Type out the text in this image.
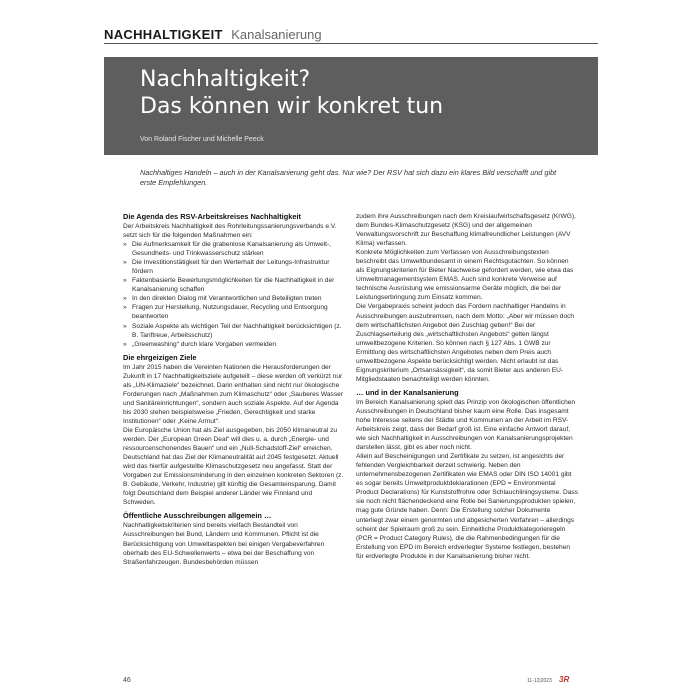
NACHHALTIGKEIT Kanalsanierung
Nachhaltigkeit?
Das können wir konkret tun
Von Roland Fischer und Michelle Peeck
Nachhaltiges Handeln – auch in der Kanalsanierung geht das. Nur wie? Der RSV hat sich dazu ein klares Bild verschafft und gibt erste Empfehlungen.
Die Agenda des RSV-Arbeitskreises Nachhaltigkeit

Der Arbeitskreis Nachhaltigkeit des Rohrleitungssanierungsverbands e.V. setzt sich für die folgenden Maßnahmen ein:

» Die Aufmerksamkeit für die grabenlose Kanalsanierung als Umwelt-, Gesundheits- und Trinkwasserschutz stärken
» Die Investitionstätigkeit für den Werterhalt der Leitungs-Infrastruktur fördern
» Faktenbasierte Bewertungsmöglichkeiten für die Nachhaltigkeit in der Kanalsanierung schaffen
» In den direkten Dialog mit Verantwortlichen und Beteiligten treten
» Fragen zur Herstellung, Nutzungsdauer, Recycling und Entsorgung beantworten
» Soziale Aspekte als wichtigen Teil der Nachhaltigkeit berücksichtigen (z. B. Tariftreue, Arbeitsschutz)
» „Greenwashing“ durch klare Vorgaben vermeiden
Die ehrgeizigen Ziele

Im Jahr 2015 haben die Vereinten Nationen die Herausforderungen der Zukunft in 17 Nachhaltigkeitsziele aufgeteilt – diese werden oft verkürzt nur als „UN-Klimaziele“ bezeichnet. Darin enthalten sind nicht nur ökologische Forderungen nach „Maßnahmen zum Klimaschutz“ oder „Sauberes Wasser und Sanitäreinrichtungen“, sondern auch soziale Aspekte. Auf der Agenda bis 2030 stehen beispielsweise „Frieden, Gerechtigkeit und starke Institutionen“ oder „Keine Armut“.

Die Europäische Union hat als Ziel ausgegeben, bis 2050 klimaneutral zu werden. Der „European Green Deal“ will dies u. a. durch „Energie- und ressourcenschonendes Bauen“ und ein „Null-Schadstoff-Ziel“ erreichen.

Deutschland hat das Ziel der Klimaneutralität auf 2045 festgesetzt. Aktuell wird das hierfür aufgestellte Klimaschutzgesetz neu angefasst. Statt der Vorgaben zur Emissionsminderung in den einzelnen konkreten Sektoren (z. B. Gebäude, Verkehr, Industrie) gilt künftig die Gesamteinsparung. Damit folgt Deutschland dem Beispiel anderer Länder wie Finnland und Schweden.

Öffentliche Ausschreibungen allgemein …

Nachhaltigkeitskriterien sind bereits vielfach Bestandteil von Ausschreibungen bei Bund, Ländern und Kommunen. Pflicht ist die Berücksichtigung von Umweltaspekten bei einigen Vergabeverfahren oberhalb des EU-Schwellenwerts – etwa bei der Beschaffung von Straßenfahrzeugen. Bundesbehörden müssen

zudem ihre Ausschreibungen nach dem Kreislaufwirtschaftsgesetz (KrWG), dem Bundes-Klimaschutzgesetz (KSG) und der allgemeinen Verwaltungsvorschrift zur Beschaffung klimafreundlicher Leistungen (AVV Klima) verfassen.

Konkrete Möglichkeiten zum Verfassen von Ausschreibungstexten beschreibt das Umweltbundesamt in einem Rechtsgutachten. So können als Eignungskriterien für Bieter Nachweise gefordert werden, wie etwa das Umweltmanagementsystem EMAS. Auch sind konkrete Verweise auf technische Ausrüstung wie emissionsarme Geräte möglich, die bei der Leistungserbringung zum Einsatz kommen.

Die Vergabepraxis scheint jedoch das Fordern nachhaltiger Handelns in Ausschreibungen auszubremsen, nach dem Motto: „Aber wir müssen doch dem wirtschaftlichsten Angebot den Zuschlag geben!“ Bei der Zuschlagserteilung des „wirtschaftlichsten Angebots“ gelten längst umweltbezogene Kriterien. So können nach § 127 Abs. 1 GWB zur Ermittlung des wirtschaftlichsten Angebotes neben dem Preis auch umweltbezogene Aspekte berücksichtigt werden. Nicht erlaubt ist das Eignungskriterium „Ortsansässigkeit“, da somit Bieter aus anderen EU-Mitgliedstaaten benachteiligt werden könnten.

… und in der Kanalsanierung

Im Bereich Kanalsanierung spielt das Prinzip von ökologischen öffentlichen Ausschreibungen in Deutschland bisher kaum eine Rolle. Das insgesamt hohe Interesse seitens der Städte und Kommunen an der Arbeit im RSV-Arbeitskreis zeigt, dass der Bedarf groß ist. Eine einfache Antwort darauf, wie sich Nachhaltigkeit in Ausschreibungen von Kanalsanierungsprojekten darstellen lässt, gibt es aber noch nicht.

Allein auf Bescheinigungen und Zertifikate zu setzen, ist angesichts der fehlenden Vergleichbarkeit derzeit schwierig. Neben den unternehmensbezogenen Zertifikaten wie EMAS oder DIN ISO 14001 gibt es sogar bereits Umweltproduktdeklarationen (EPD = Environmental Product Declarations) für Kunststoffrohre oder Schlauchliningsysteme. Dass sie noch nicht flächendeckend eine Rolle bei Sanierungsprodukten spielen, mag gute Gründe haben. Denn: Die Erstellung solcher Dokumente unterliegt zwar einem genormten und abgesicherten Verfahren – allerdings scheint der Spielraum groß zu sein. Einheitliche Produktkategorieregeln (PCR = Product Category Rules), die die Rahmenbedingungen für die Erstellung von EPD im Bereich erdverlegter Systeme festlegen, bestehen für erdverlegte Produkte in der Kanalsanierung bisher nicht.

46	11-12|2023 3R
